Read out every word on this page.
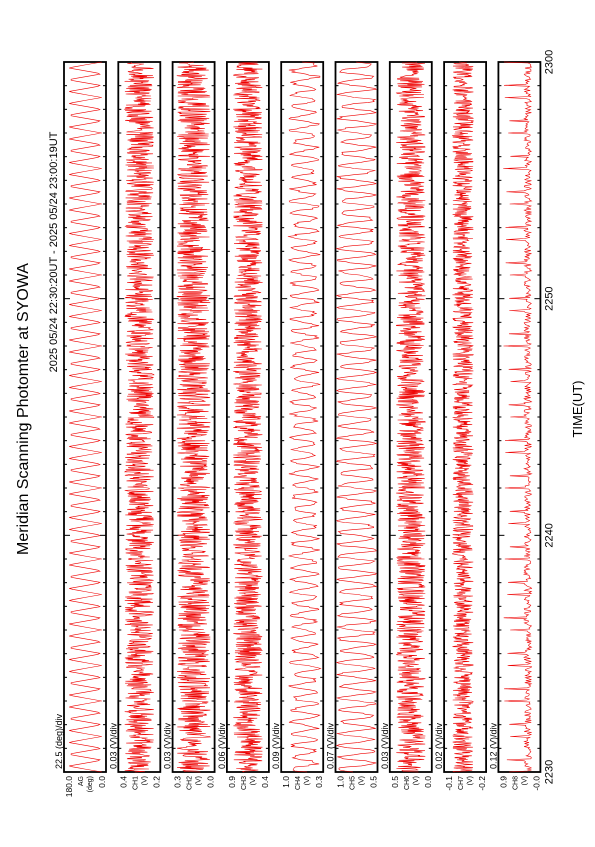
Meridian Scanning Photomter at SYOWA
2025 05/24 22:30:20UT - 2025 05/24 23:00:19UT
TIME(UT)
22.5 (deg)/div
180.0 AG (deg) 0.0
0.03 (V)/div
0.4 CH1 (V) 0.2
0.03 (V)/div
0.3 CH2 (V) 0.0
0.06 (V)/div
0.9 CH3 (V) 0.4
0.09 (V)/div
1.0 CH4 (V) 0.3
0.07 (V)/div
1.0 CH5 (V) 0.5
0.03 (V)/div
0.5 CH6 (V) 0.0
0.02 (V)/div
-0.1 CH7 (V) -0.2
0.12 (V)/div
0.9 CH8 (V) -0.0 2230
2240
2250
2300
